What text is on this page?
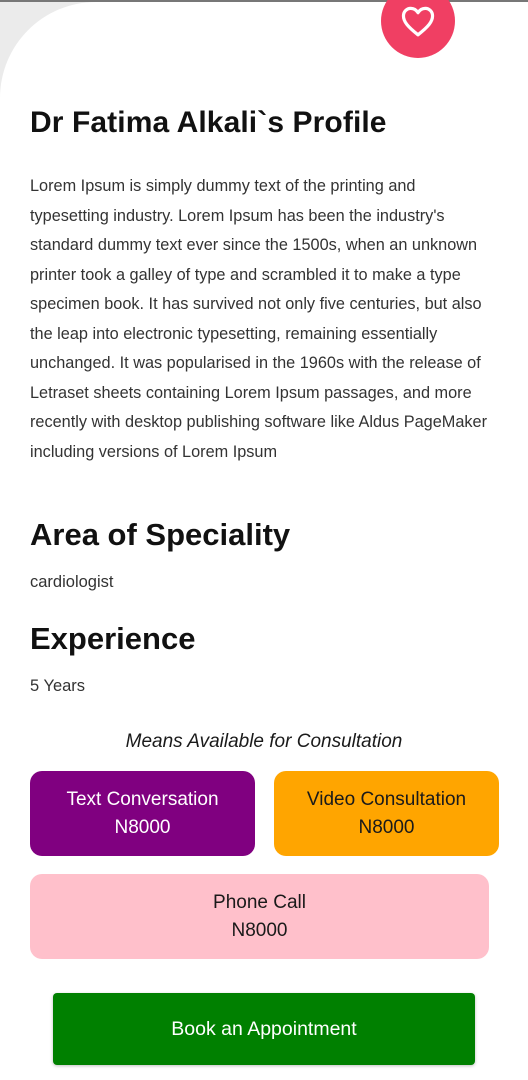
Dr Fatima Alkali`s Profile

Lorem Ipsum is simply dummy text of the printing and typesetting industry. Lorem Ipsum has been the industry's standard dummy text ever since the 1500s, when an unknown printer took a galley of type and scrambled it to make a type specimen book. It has survived not only five centuries, but also the leap into electronic typesetting, remaining essentially unchanged. It was popularised in the 1960s with the release of Letraset sheets containing Lorem Ipsum passages, and more recently with desktop publishing software like Aldus PageMaker including versions of Lorem Ipsum

Area of Speciality

cardiologist

Experience

5 Years

Means Available for Consultation
Text Conversation
N8000
Video Consultation
N8000
Phone Call
N8000
Book an Appointment
